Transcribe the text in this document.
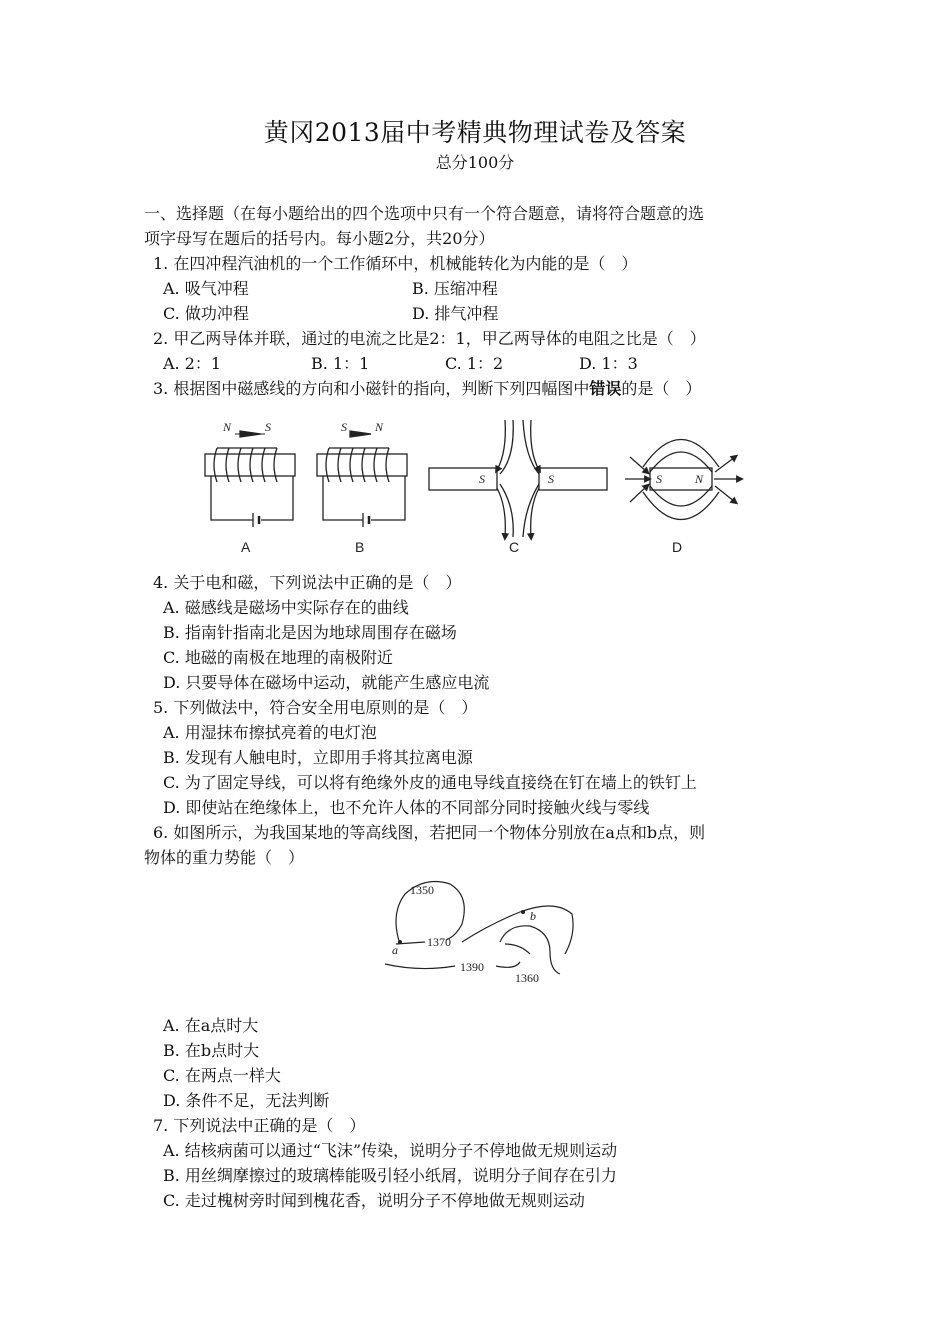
黄冈2013届中考精典物理试卷及答案
总分100分
一、选择题（在每小题给出的四个选项中只有一个符合题意，请将符合题意的选
项字母写在题后的括号内。每小题2分，共20分）
1. 在四冲程汽油机的一个工作循环中，机械能转化为内能的是（　）
A. 吸气冲程	B. 压缩冲程
C. 做功冲程	D. 排气冲程
2. 甲乙两导体并联，通过的电流之比是2：1，甲乙两导体的电阻之比是（　）
A. 2：1	B. 1：1	C. 1：2	D. 1：3
3. 根据图中磁感线的方向和小磁针的指向，判断下列四幅图中错误的是（　）
N	S	S N
S	S	S	N
A	B	C	D
4. 关于电和磁，下列说法中正确的是（　）
A. 磁感线是磁场中实际存在的曲线
B. 指南针指南北是因为地球周围存在磁场
C. 地磁的南极在地理的南极附近
D. 只要导体在磁场中运动，就能产生感应电流
5. 下列做法中，符合安全用电原则的是（　）
A. 用湿抹布擦拭亮着的电灯泡
B. 发现有人触电时，立即用手将其拉离电源
C. 为了固定导线，可以将有绝缘外皮的通电导线直接绕在钉在墙上的铁钉上
D. 即使站在绝缘体上，也不允许人体的不同部分同时接触火线与零线
6. 如图所示，为我国某地的等高线图，若把同一个物体分别放在a点和b点，则
物体的重力势能（　）
1350
1370
1390
1360
a
b
A. 在a点时大
B. 在b点时大
C. 在两点一样大
D. 条件不足，无法判断
7. 下列说法中正确的是（　）
A. 结核病菌可以通过“飞沫”传染，说明分子不停地做无规则运动
B. 用丝绸摩擦过的玻璃棒能吸引轻小纸屑，说明分子间存在引力
C. 走过槐树旁时闻到槐花香，说明分子不停地做无规则运动
